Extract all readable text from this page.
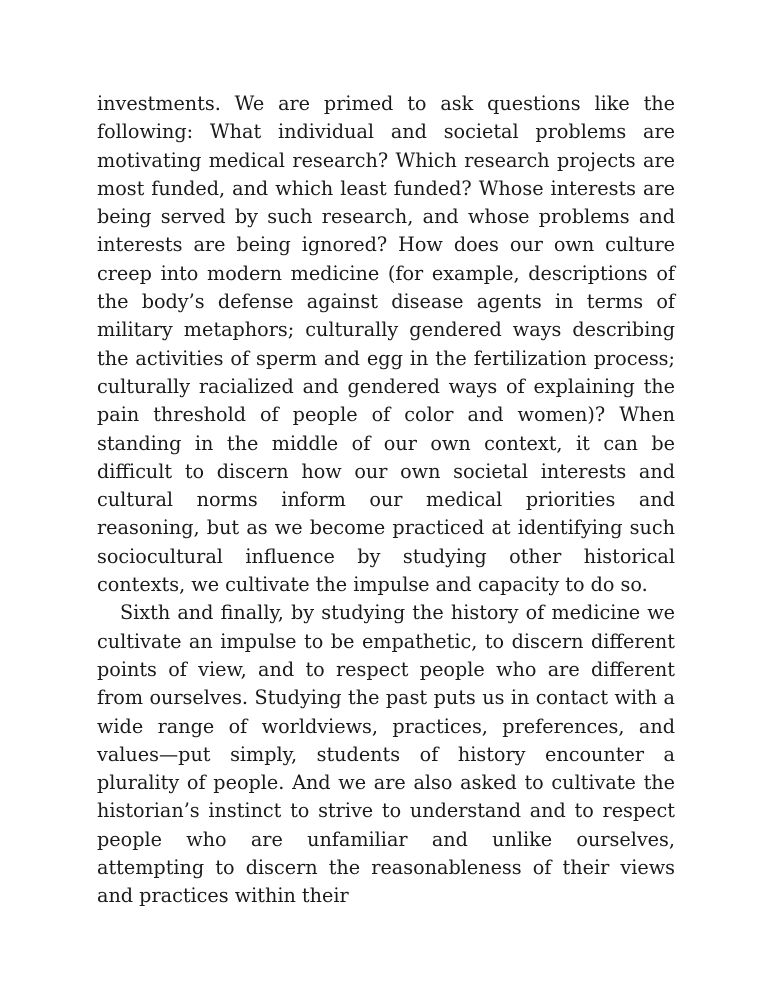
investments. We are primed to ask questions like the following: What individual and societal problems are motivating medical research? Which research projects are most funded, and which least funded? Whose interests are being served by such research, and whose problems and interests are being ignored? How does our own culture creep into modern medicine (for example, descriptions of the body’s defense against disease agents in terms of military metaphors; culturally gendered ways describing the activities of sperm and egg in the fertilization process; culturally racialized and gendered ways of explaining the pain threshold of people of color and women)? When standing in the middle of our own context, it can be difficult to discern how our own societal interests and cultural norms inform our medical priorities and reasoning, but as we become practiced at identifying such sociocultural influence by studying other historical contexts, we cultivate the impulse and capacity to do so.

Sixth and finally, by studying the history of medicine we cultivate an impulse to be empathetic, to discern different points of view, and to respect people who are different from ourselves. Studying the past puts us in contact with a wide range of worldviews, practices, preferences, and values—put simply, students of history encounter a plurality of people. And we are also asked to cultivate the historian’s instinct to strive to understand and to respect people who are unfamiliar and unlike ourselves, attempting to discern the reasonableness of their views and practices within their
